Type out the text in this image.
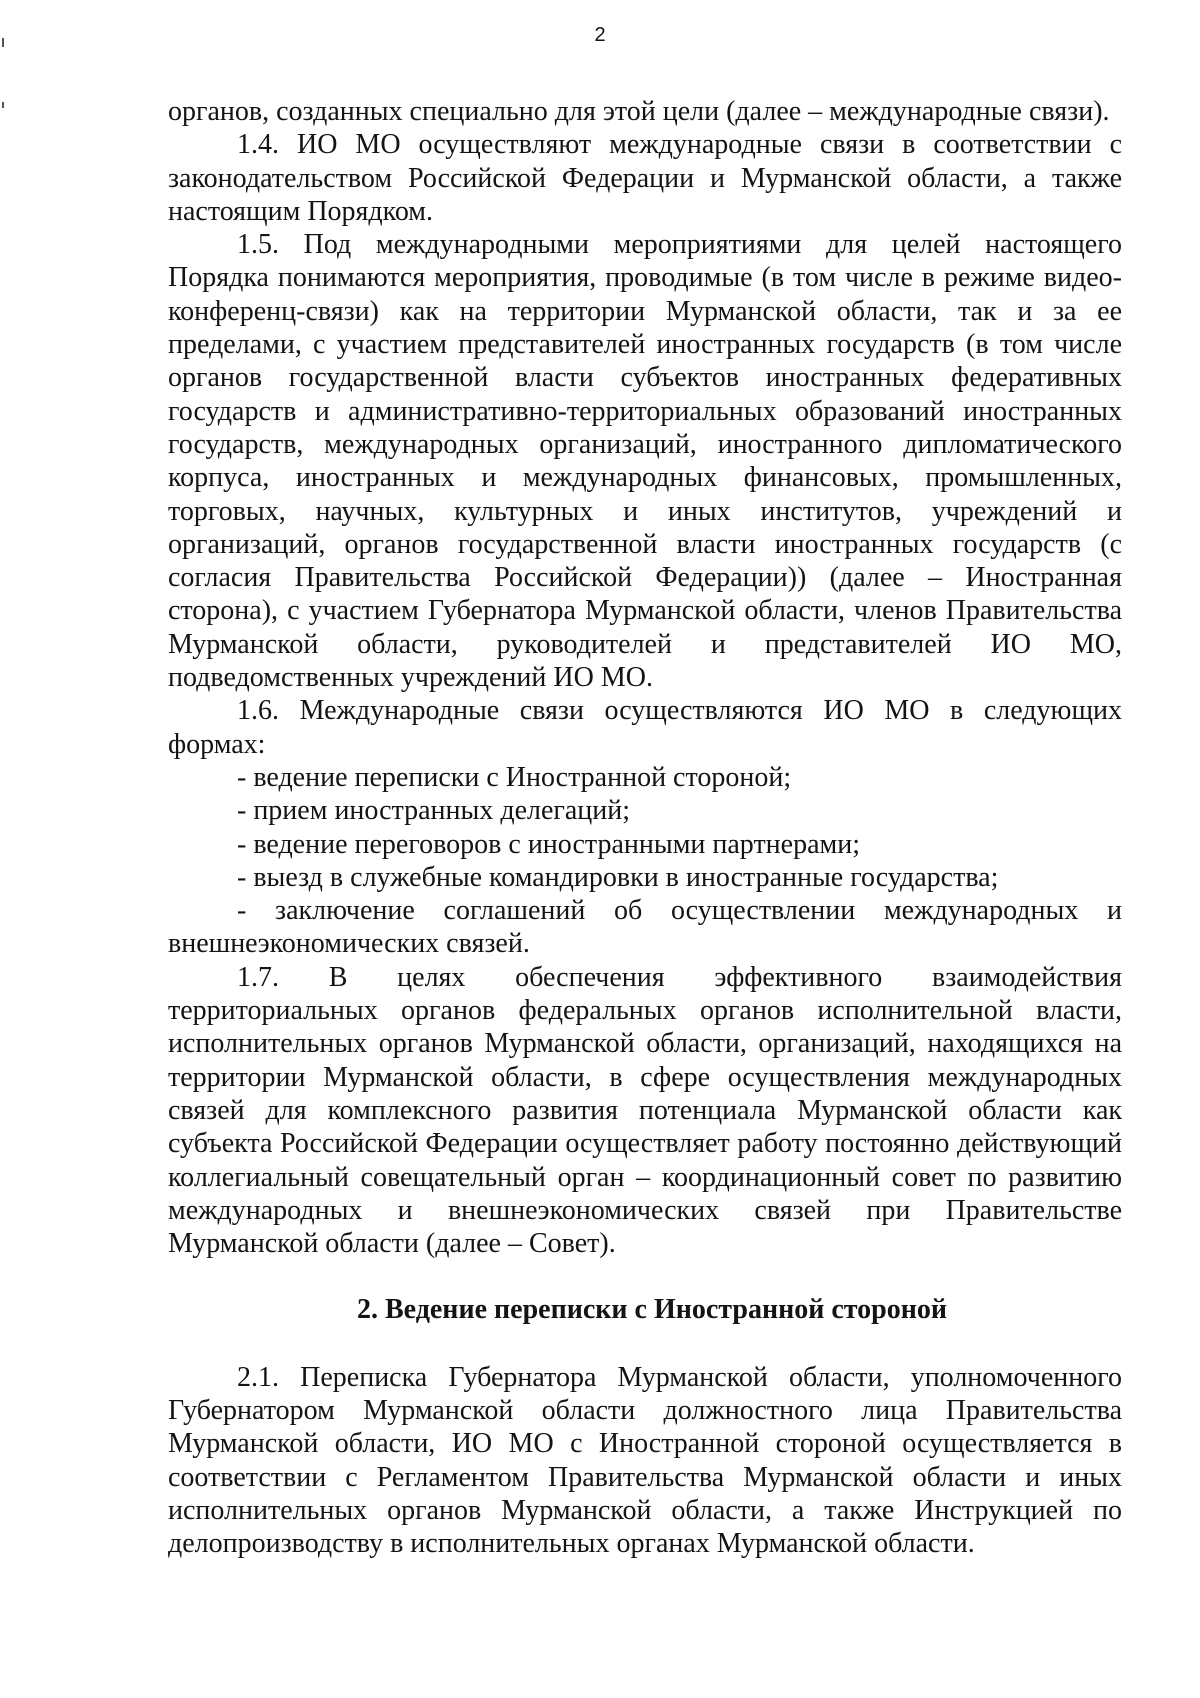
2

органов, созданных специально для этой цели (далее – международные связи).

1.4. ИО МО осуществляют международные связи в соответствии с законодательством Российской Федерации и Мурманской области, а также настоящим Порядком.

1.5. Под международными мероприятиями для целей настоящего Порядка понимаются мероприятия, проводимые (в том числе в режиме видео-конференц-связи) как на территории Мурманской области, так и за ее пределами, с участием представителей иностранных государств (в том числе органов государственной власти субъектов иностранных федеративных государств и административно-территориальных образований иностранных государств, международных организаций, иностранного дипломатического корпуса, иностранных и международных финансовых, промышленных, торговых, научных, культурных и иных институтов, учреждений и организаций, органов государственной власти иностранных государств (с согласия Правительства Российской Федерации)) (далее – Иностранная сторона), с участием Губернатора Мурманской области, членов Правительства Мурманской области, руководителей и представителей ИО МО, подведомственных учреждений ИО МО.

1.6. Международные связи осуществляются ИО МО в следующих формах:

- ведение переписки с Иностранной стороной;

- прием иностранных делегаций;

- ведение переговоров с иностранными партнерами;

- выезд в служебные командировки в иностранные государства;

- заключение соглашений об осуществлении международных и внешнеэкономических связей.

1.7. В целях обеспечения эффективного взаимодействия территориальных органов федеральных органов исполнительной власти, исполнительных органов Мурманской области, организаций, находящихся на территории Мурманской области, в сфере осуществления международных связей для комплексного развития потенциала Мурманской области как субъекта Российской Федерации осуществляет работу постоянно действующий коллегиальный совещательный орган – координационный совет по развитию международных и внешнеэкономических связей при Правительстве Мурманской области (далее – Совет).

2. Ведение переписки с Иностранной стороной

2.1. Переписка Губернатора Мурманской области, уполномоченного Губернатором Мурманской области должностного лица Правительства Мурманской области, ИО МО с Иностранной стороной осуществляется в соответствии с Регламентом Правительства Мурманской области и иных исполнительных органов Мурманской области, а также Инструкцией по делопроизводству в исполнительных органах Мурманской области.
